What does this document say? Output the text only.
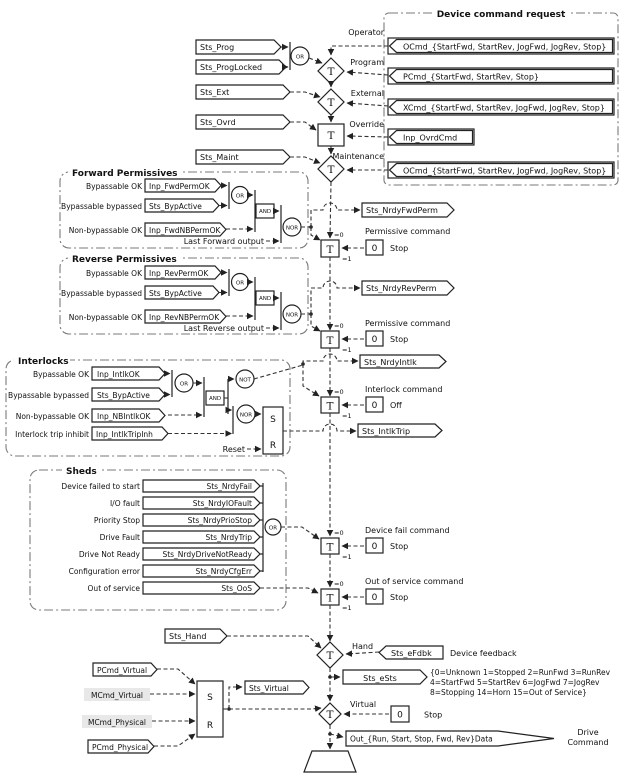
Device command request
Forward Permissives
Reverse Permissives
Interlocks
Sheds
Sts_Prog
Sts_ProgLocked
Sts_Ext
Sts_Ovrd
Sts_Maint
Operator
OCmd_{StartFwd, StartRev, JogFwd, JogRev, Stop}
Program
PCmd_{StartFwd, StartRev, Stop}
External
XCmd_{StartFwd, StartRev, JogFwd, JogRev, Stop}
Override
Inp_OvrdCmd
Maintenance
OCmd_{StartFwd, StartRev, JogFwd, JogRev, Stop}
OR
T
T
T
T
Bypassable OK Inp_FwdPermOK
Bypassable bypassed Sts_BypActive
Non-bypassable OK Inp_FwdNBPermOK
Last Forward output
OR
AND
NOR
Sts_NrdyFwdPerm
=0
T
=1
Permissive command
0 Stop
Bypassable OK Inp_RevPermOK
Bypassable bypassed Sts_BypActive
Non-bypassable OK Inp_RevNBPermOK
Last Reverse output
OR
AND
NOR
Sts_NrdyRevPerm
=0
T
=1
Permissive command
0 Stop
Bypassable OK Inp_IntlkOK
Bypassable bypassed Sts_BypActive
Non-bypassable OK Inp_NBIntlkOK
Interlock trip inhibit Inp_IntlkTripInh
OR
AND
NOT
NOR
Sts_NrdyIntlk
S
R
Reset
Sts_IntlkTrip
=0
T
=1
Interlock command
0 Off
Device failed to start	Sts_NrdyFail
I/O fault	Sts_NrdyIOFault
Priority Stop	Sts_NrdyPrioStop
Drive Fault	Sts_NrdyTrip
Drive Not Ready	Sts_NrdyDriveNotReady
Configuration error	Sts_NrdyCfgErr
Out of service	Sts_OoS
OR
=0
T
=1
Device fail command
0 Stop
=0
T
=1
Out of service command
0 Stop
Sts_Hand
T
Hand
Sts_eFdbk Device feedback
Sts_eSts
{0=Unknown 1=Stopped 2=RunFwd 3=RunRev
4=StartFwd 5=StartRev 6=JogFwd 7=JogRev
8=Stopping 14=Horn 15=Out of Service}
PCmd_Virtual
MCmd_Virtual
MCmd_Physical
PCmd_Physical
S
R
Sts_Virtual
T
Virtual
0	Stop
Out_{Run, Start, Stop, Fwd, Rev}Data
Drive
Command
